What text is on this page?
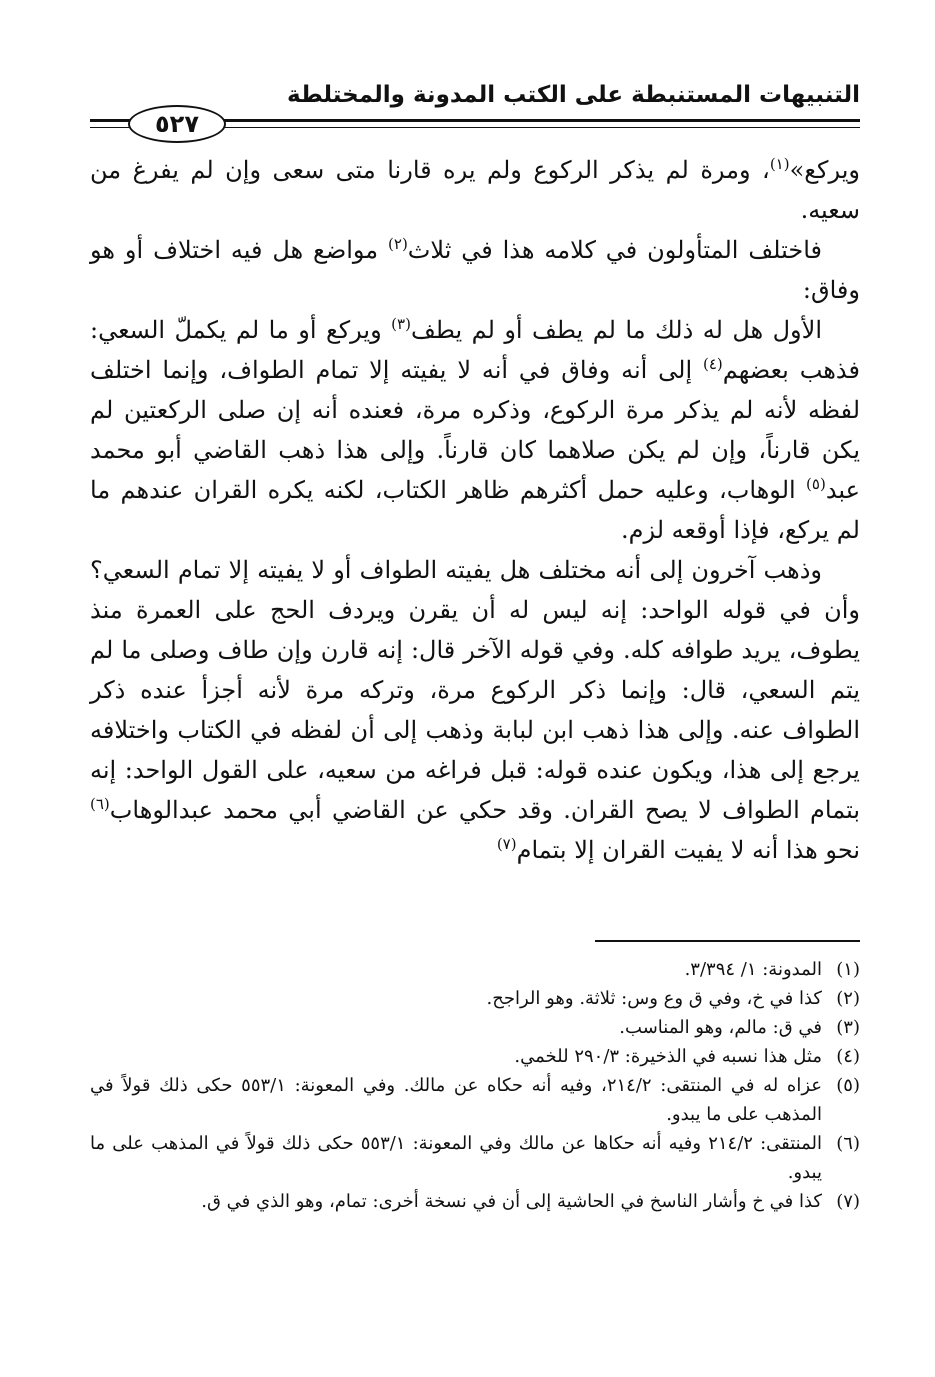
التنبيهات المستنبطة على الكتب المدونة والمختلطة
٥٢٧

ويركع»$^{(١)}$، ومرة لم يذكر الركوع ولم يره قارنا متى سعى وإن لم يفرغ من سعيه.

فاختلف المتأولون في كلامه هذا في ثلاث$^{(٢)}$ مواضع هل فيه اختلاف أو هو وفاق:

الأول هل له ذلك ما لم يطف أو لم يطف$^{(٣)}$ ويركع أو ما لم يكملّ السعي: فذهب بعضهم$^{(٤)}$ إلى أنه وفاق في أنه لا يفيته إلا تمام الطواف، وإنما اختلف لفظه لأنه لم يذكر مرة الركوع، وذكره مرة، فعنده أنه إن صلى الركعتين لم يكن قارناً، وإن لم يكن صلاهما كان قارناً. وإلى هذا ذهب القاضي أبو محمد عبد$^{(٥)}$ الوهاب، وعليه حمل أكثرهم ظاهر الكتاب، لكنه يكره القران عندهم ما لم يركع، فإذا أوقعه لزم.

وذهب آخرون إلى أنه مختلف هل يفيته الطواف أو لا يفيته إلا تمام السعي؟ وأن في قوله الواحد: إنه ليس له أن يقرن ويردف الحج على العمرة منذ يطوف، يريد طوافه كله. وفي قوله الآخر قال: إنه قارن وإن طاف وصلى ما لم يتم السعي، قال: وإنما ذكر الركوع مرة، وتركه مرة لأنه أجزأ عنده ذكر الطواف عنه. وإلى هذا ذهب ابن لبابة وذهب إلى أن لفظه في الكتاب واختلافه يرجع إلى هذا، ويكون عنده قوله: قبل فراغه من سعيه، على القول الواحد: إنه بتمام الطواف لا يصح القران. وقد حكي عن القاضي أبي محمد عبدالوهاب$^{(٦)}$ نحو هذا أنه لا يفيت القران إلا بتمام$^{(٧)}$

(١)
المدونة: ١/ ٣/٣٩٤.
(٢)
كذا في خ، وفي ق وع وس: ثلاثة. وهو الراجح.
(٣)
في ق: مالم، وهو المناسب.
(٤)
مثل هذا نسبه في الذخيرة: ٢٩٠/٣ للخمي.
(٥)
عزاه له في المنتقى: ٢١٤/٢، وفيه أنه حكاه عن مالك. وفي المعونة: ٥٥٣/١ حكى ذلك قولاً في المذهب على ما يبدو.
(٦)
المنتقى: ٢١٤/٢ وفيه أنه حكاها عن مالك وفي المعونة: ٥٥٣/١ حكى ذلك قولاً في المذهب على ما يبدو.
(٧)
كذا في خ وأشار الناسخ في الحاشية إلى أن في نسخة أخرى: تمام، وهو الذي في ق.
